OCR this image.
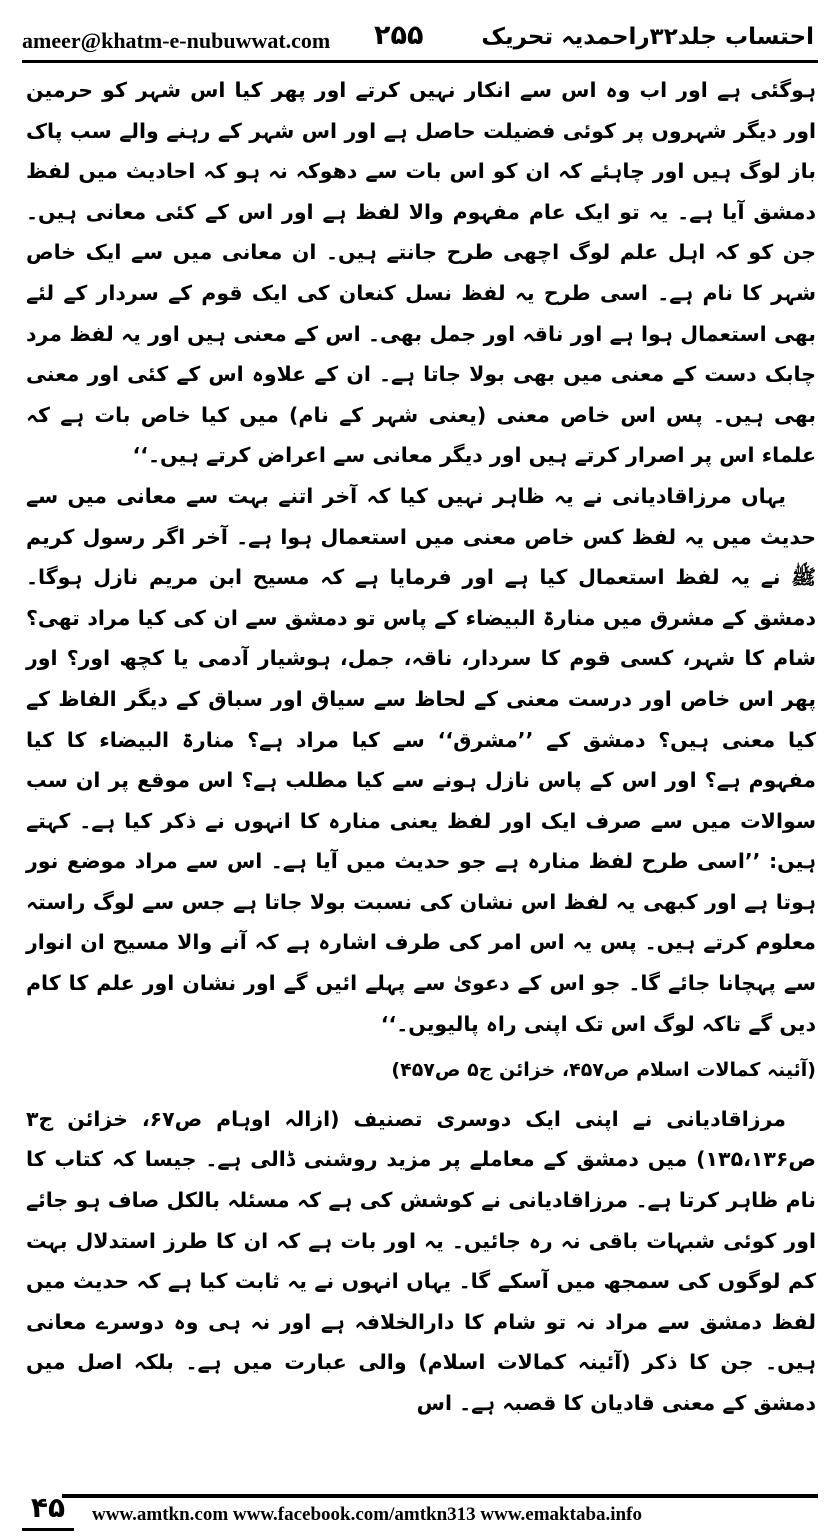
ameer@khatm-e-nubuwwat.com ۲۵۵	احتساب جلد۳۲راحمدیہ تحریک

ہوگئی ہے اور اب وہ اس سے انکار نہیں کرتے اور پھر کیا اس شہر کو حرمین اور دیگر شہروں پر کوئی فضیلت حاصل ہے اور اس شہر کے رہنے والے سب پاک باز لوگ ہیں اور چاہئے کہ ان کو اس بات سے دھوکہ نہ ہو کہ احادیث میں لفظ دمشق آیا ہے۔ یہ تو ایک عام مفہوم والا لفظ ہے اور اس کے کئی معانی ہیں۔ جن کو کہ اہل علم لوگ اچھی طرح جانتے ہیں۔ ان معانی میں سے ایک خاص شہر کا نام ہے۔ اسی طرح یہ لفظ نسل کنعان کی ایک قوم کے سردار کے لئے بھی استعمال ہوا ہے اور ناقہ اور جمل بھی۔ اس کے معنی ہیں اور یہ لفظ مرد چابک دست کے معنی میں بھی بولا جاتا ہے۔ ان کے علاوہ اس کے کئی اور معنی بھی ہیں۔ پس اس خاص معنی (یعنی شہر کے نام) میں کیا خاص بات ہے کہ علماء اس پر اصرار کرتے ہیں اور دیگر معانی سے اعراض کرتے ہیں۔‘‘

یہاں مرزاقادیانی نے یہ ظاہر نہیں کیا کہ آخر اتنے بہت سے معانی میں سے حدیث میں یہ لفظ کس خاص معنی میں استعمال ہوا ہے۔ آخر اگر رسول کریم ﷺ نے یہ لفظ استعمال کیا ہے اور فرمایا ہے کہ مسیح ابن مریم نازل ہوگا۔ دمشق کے مشرق میں منارۃ البیضاء کے پاس تو دمشق سے ان کی کیا مراد تھی؟ شام کا شہر، کسی قوم کا سردار، ناقہ، جمل، ہوشیار آدمی یا کچھ اور؟ اور پھر اس خاص اور درست معنی کے لحاظ سے سیاق اور سباق کے دیگر الفاظ کے کیا معنی ہیں؟ دمشق کے ’’مشرق‘‘ سے کیا مراد ہے؟ منارۃ البیضاء کا کیا مفہوم ہے؟ اور اس کے پاس نازل ہونے سے کیا مطلب ہے؟ اس موقع پر ان سب سوالات میں سے صرف ایک اور لفظ یعنی منارہ کا انہوں نے ذکر کیا ہے۔ کہتے ہیں: ’’اسی طرح لفظ منارہ ہے جو حدیث میں آیا ہے۔ اس سے مراد موضع نور ہوتا ہے اور کبھی یہ لفظ اس نشان کی نسبت بولا جاتا ہے جس سے لوگ راستہ معلوم کرتے ہیں۔ پس یہ اس امر کی طرف اشارہ ہے کہ آنے والا مسیح ان انوار سے پہچانا جائے گا۔ جو اس کے دعویٰ سے پہلے ائیں گے اور نشان اور علم کا کام دیں گے تاکہ لوگ اس تک اپنی راہ پالیویں۔‘‘

(آئینہ کمالات اسلام ص۴۵۷، خزائن ج۵ ص۴۵۷)

مرزاقادیانی نے اپنی ایک دوسری تصنیف (ازالہ اوہام ص۶۷، خزائن ج۳ ص۱۳۵،۱۳۶) میں دمشق کے معاملے پر مزید روشنی ڈالی ہے۔ جیسا کہ کتاب کا نام ظاہر کرتا ہے۔ مرزاقادیانی نے کوشش کی ہے کہ مسئلہ بالکل صاف ہو جائے اور کوئی شبہات باقی نہ رہ جائیں۔ یہ اور بات ہے کہ ان کا طرز استدلال بہت کم لوگوں کی سمجھ میں آسکے گا۔ یہاں انہوں نے یہ ثابت کیا ہے کہ حدیث میں لفظ دمشق سے مراد نہ تو شام کا دارالخلافہ ہے اور نہ ہی وہ دوسرے معانی ہیں۔ جن کا ذکر (آئینہ کمالات اسلام) والی عبارت میں ہے۔ بلکہ اصل میں دمشق کے معنی قادیان کا قصبہ ہے۔ اس

۴۵	www.amtkn.com www.facebook.com/amtkn313 www.emaktaba.info
